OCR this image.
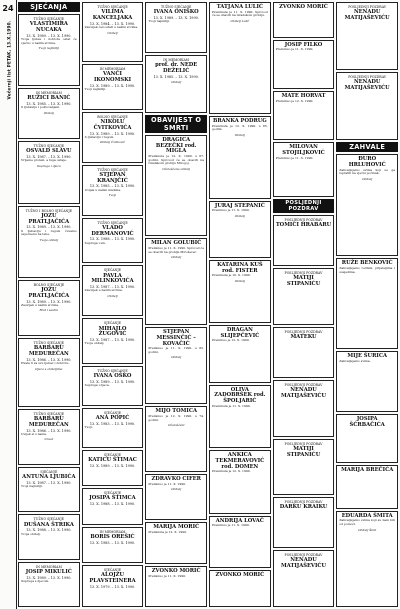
24
Večernji list PETAK, 13.X.1990.
SJEĆANJA
TUŽNO SJEĆANJE
VLASTIMIRA NUCAKA
13. X. 1989. – 13. X. 1990.
Tvoja ljubav i dobrota ostat će vječno u našim srcima.
Tvoji najmiliji
IN MEMORIAM
RUŽICI BANIĆ
13. X. 1985. – 13. X. 1990.
S ljubavlju i poštovanjem.
Obitelj
TUŽNO SJEĆANJE
OSVALD SLAVU
13. X. 1987. – 13. X. 1990.
Vrijeme prolazi, a tuga ostaje.
Supruga i djeca
TUŽNO I BOLNO SJEĆANJE
JOZU PRATLJAČIĆA
13. X. 1989. – 13. X. 1990.
S ljubavlju i tugom čuvamo uspomenu na tebe.
Tvoja obitelj
BOLNO SJEĆANJE
JOZU PRATLJAČIĆA
13. X. 1989. – 13. X. 1990.
Zauvijek u našim srcima.
Brat i sestra
TUŽNO SJEĆANJE
BARBARU MEDUREČAN
13. X. 1986. – 13. X. 1990.
Hvala ti za svu ljubav i dobrotu.
Djeca s obiteljima
TUŽNO SJEĆANJE
BARBARU MEDUREČAN
13. X. 1986. – 13. X. 1990.
Uvijek si s nama.
Unuci
SJEĆANJE
ANTUNA LJUBIĆA
13. X. 1987. – 13. X. 1990.
Tvoji najmiliji.
TUŽNO SJEĆANJE
DUŠANA ŠTRIKA
13. X. 1988. – 13. X. 1990.
Tvoja obitelj.
IN MEMORIAM
JOSIP MIKULIĆ
13. X. 1989. – 13. X. 1990.
Supruga s djecom.
TUŽNO SJEĆANJE
VILIMA KANCELJAKA
13. X. 1984. – 13. X. 1990.
Zauvijek ćeš ostati u našim srcima.
Obitelj
IN MEMORIAM
VANČI IKONOMSKI
13. X. 1989. – 13. X. 1990.
Tvoji najmiliji.
BOLNO SJEĆANJE
NIKOLU ČVITKOVIĆA
13. X. 1989. – 13. X. 1990.
S ljubavlju i tugom.
Obitelj Čvitković
TUŽNO SJEĆANJE
STJEPAN KRANJČIĆ
13. X. 1985. – 13. X. 1990.
Uvijek u našim mislima.
Tvoji
TUŽNO SJEĆANJE
VLADO DERMANOVIĆ
13. X. 1988. – 13. X. 1990.
Supruga i sin.
SJEĆANJE
PAVLA MILINKOVIĆA
13. X. 1987. – 13. X. 1990.
Zauvijek u našim srcima.
Obitelj
SJEĆANJE
MIHAJLO ŽUGOVIĆ
13. X. 1987. – 13. X. 1990.
Tvoja obitelj.
TUŽNO SJEĆANJE
IVANA OŠKO
13. X. 1989. – 13. X. 1990.
Supruga i djeca.
SJEĆANJE
ANA POPIĆ
13. X. 1983. – 13. X. 1990.
Tvoji.
SJEĆANJE
KATICU ŠTIMAC
13. X. 1989. – 13. X. 1990.
SJEĆANJE
JOSIPA ŠTIMCA
13. X. 1988. – 13. X. 1990.
IN MEMORIAM
BORIS OREŠIĆ
13. X. 1985. – 13. X. 1990.
SJEĆANJE
ALOJZU PLAVSTEINERA
13. X. 1979. – 13. X. 1990.
TUŽNO SJEĆANJE
IVANA ONIŠKO
13. X. 1989. – 13. X. 1990.
Tvoji najmiliji.
IN MEMORIAM
prof. dr. NEDE DEŽELIĆ
13. X. 1985. – 13. X. 1990.
Obitelj
OBAVIJEST O SMRTI
DRAGICA BEZEČKI rod. MIGLA
Preminula je 12. X. 1990. u 67. godini. Sprovod će se obaviti na Gradskom groblju Mirogoj.
Ožalošćena obitelj
MILAN GOLUBIĆ
Preminuo je 11. X. 1990. Sprovod će se obaviti na groblju Miroševec.
Obitelj
STJEPAN MESSINČIĆ – KOVAČIĆ
Preminuo je 11. X. 1990. u 82. godini.
Obitelj
MIJO TOMICA
Preminuo je 12. X. 1990. u 74. godini.
Ožalošćeni
ZDRAVKO CIFER
Preminuo je 11. X. 1990.
Obitelj
MARIJA MORIĆ
Preminula je 12. X. 1990.
ZVONKO MORIĆ
Preminuo je 11. X. 1990.
TATJANA LULIĆ
Preminula je 11. X. 1990. Sprovod će se obaviti na Gradskom groblju.
Obitelj Lulić
BRANKA PODRUG
Preminula je 12. X. 1990. u 85. godini.
Obitelj
JURAJ STEPANIĆ
Preminuo je 11. X. 1990.
Obitelj
KATARINA KUŠ rod. FISTER
Preminula je 10. X. 1990.
Obitelj
DRAGAN SLIJEPČEVIĆ
Preminuo je 12. X. 1990.
OLIVA ZADOBRŠEK rod. ŠPOLJARIĆ
Preminula je 11. X. 1990.
ANKICA TEKMERAVOVIĆ rod. DOMEN
Preminula je 12. X. 1990.
ANDRIJA LOVAČ
Preminuo je 11. X. 1990.
ZVONKO MORIĆ
ZVONKO MORIĆ
JOSIP FILKO
Preminuo je 11. X. 1990.
MATE HORVAT
Preminuo je 12. X. 1990.
MILOVAN STOJILJKOVIĆ
Preminuo je 11. X. 1990.
POSLJEDNJI POZDRAV
POSLJEDNJI POZDRAV
TOMICI HRABARU
POSLJEDNJI POZDRAV
MATIJI STIPANIĆU
POSLJEDNJI POZDRAV
MATEKU
POSLJEDNJI POZDRAV
NENADU MATIJAŠEVIĆU
POSLJEDNJI POZDRAV
MATIJI STIPANIĆU
POSLJEDNJI POZDRAV
DARKU KRAIKU
POSLJEDNJI POZDRAV
NENADU MATIJAŠEVIĆU
POSLJEDNJI POZDRAV
NENADU MATIJAŠEVIĆU
POSLJEDNJI POZDRAV
NENADU MATIJAŠEVIĆU
ZAHVALE
ĐURO HRLUHOVIĆ
Zahvaljujemo svima koji su ga ispratili na vječni počinak.
Obitelj
RUŽE BENKOVIĆ
Zahvaljujemo rodbini, prijateljima i susjedima.
MIJE ŠURICA
Zahvaljujemo svima.
JOSIPA ŠĆRBAČIĆA
MARIJA BREČIĆA
EDUARDA ŠMITA
Zahvaljujemo svima koji su nam bili od pomoći.
Obitelj Šmit
